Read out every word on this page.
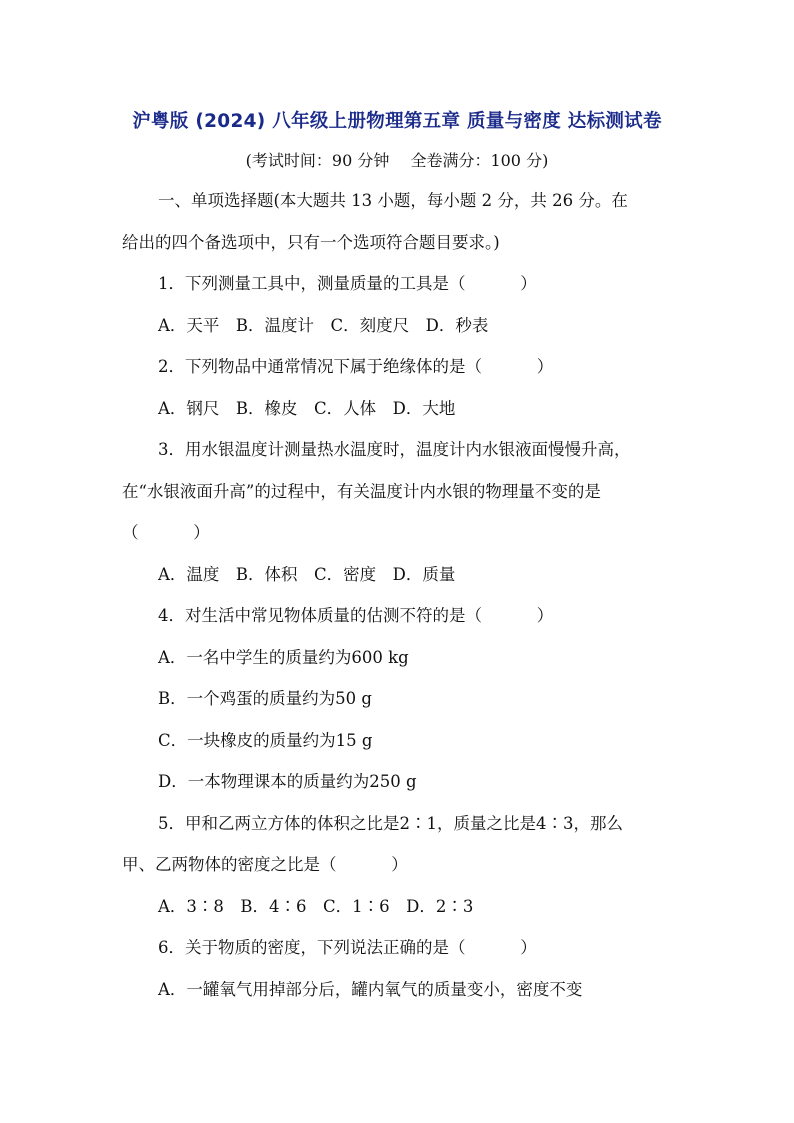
沪粤版 (2024) 八年级上册物理第五章 质量与密度 达标测试卷
(考试时间：90 分钟　 全卷满分：100 分)
一、单项选择题(本大题共 13 小题，每小题 2 分，共 26 分。在
给出的四个备选项中，只有一个选项符合题目要求。)
1．下列测量工具中，测量质量的工具是（　　　 ）
A．天平　B．温度计　C．刻度尺　D．秒表
2．下列物品中通常情况下属于绝缘体的是（　　　 ）
A．钢尺　B．橡皮　C．人体　D．大地
3．用水银温度计测量热水温度时，温度计内水银液面慢慢升高，
在“水银液面升高”的过程中，有关温度计内水银的物理量不变的是
（　　　 ）
A．温度　B．体积　C．密度　D．质量
4．对生活中常见物体质量的估测不符的是（　　　 ）
A．一名中学生的质量约为600 kg
B．一个鸡蛋的质量约为50 g
C．一块橡皮的质量约为15 g
D．一本物理课本的质量约为250 g
5．甲和乙两立方体的体积之比是2∶1，质量之比是4∶3，那么
甲、乙两物体的密度之比是（　　　 ）
A．3∶8　B．4∶6　C．1∶6　D．2∶3
6．关于物质的密度，下列说法正确的是（　　　 ）
A．一罐氧气用掉部分后，罐内氧气的质量变小，密度不变
